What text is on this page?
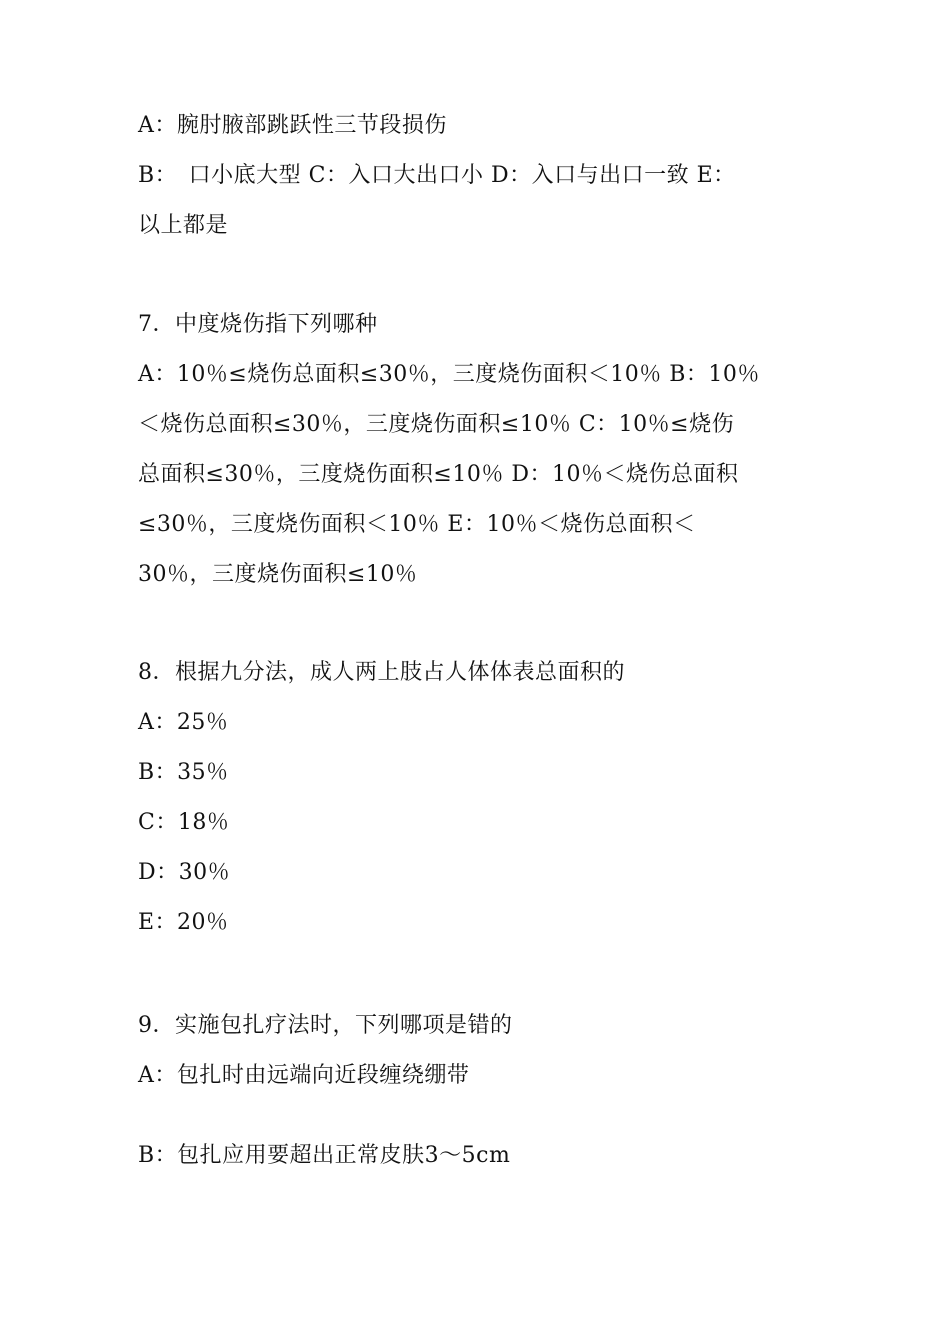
A：腕肘腋部跳跃性三节段损伤
B：　口小底大型 C：入口大出口小 D：入口与出口一致 E：
以上都是
7．中度烧伤指下列哪种
A：10％≤烧伤总面积≤30％，三度烧伤面积＜10％ B：10％
＜烧伤总面积≤30％，三度烧伤面积≤10％ C：10％≤烧伤
总面积≤30％，三度烧伤面积≤10％ D：10％＜烧伤总面积
≤30％，三度烧伤面积＜10％ E：10％＜烧伤总面积＜
30％，三度烧伤面积≤10％
8．根据九分法，成人两上肢占人体体表总面积的
A：25％
B：35％
C：18％
D：30％
E：20％
9．实施包扎疗法时，下列哪项是错的
A：包扎时由远端向近段缠绕绷带
B：包扎应用要超出正常皮肤3～5cm
